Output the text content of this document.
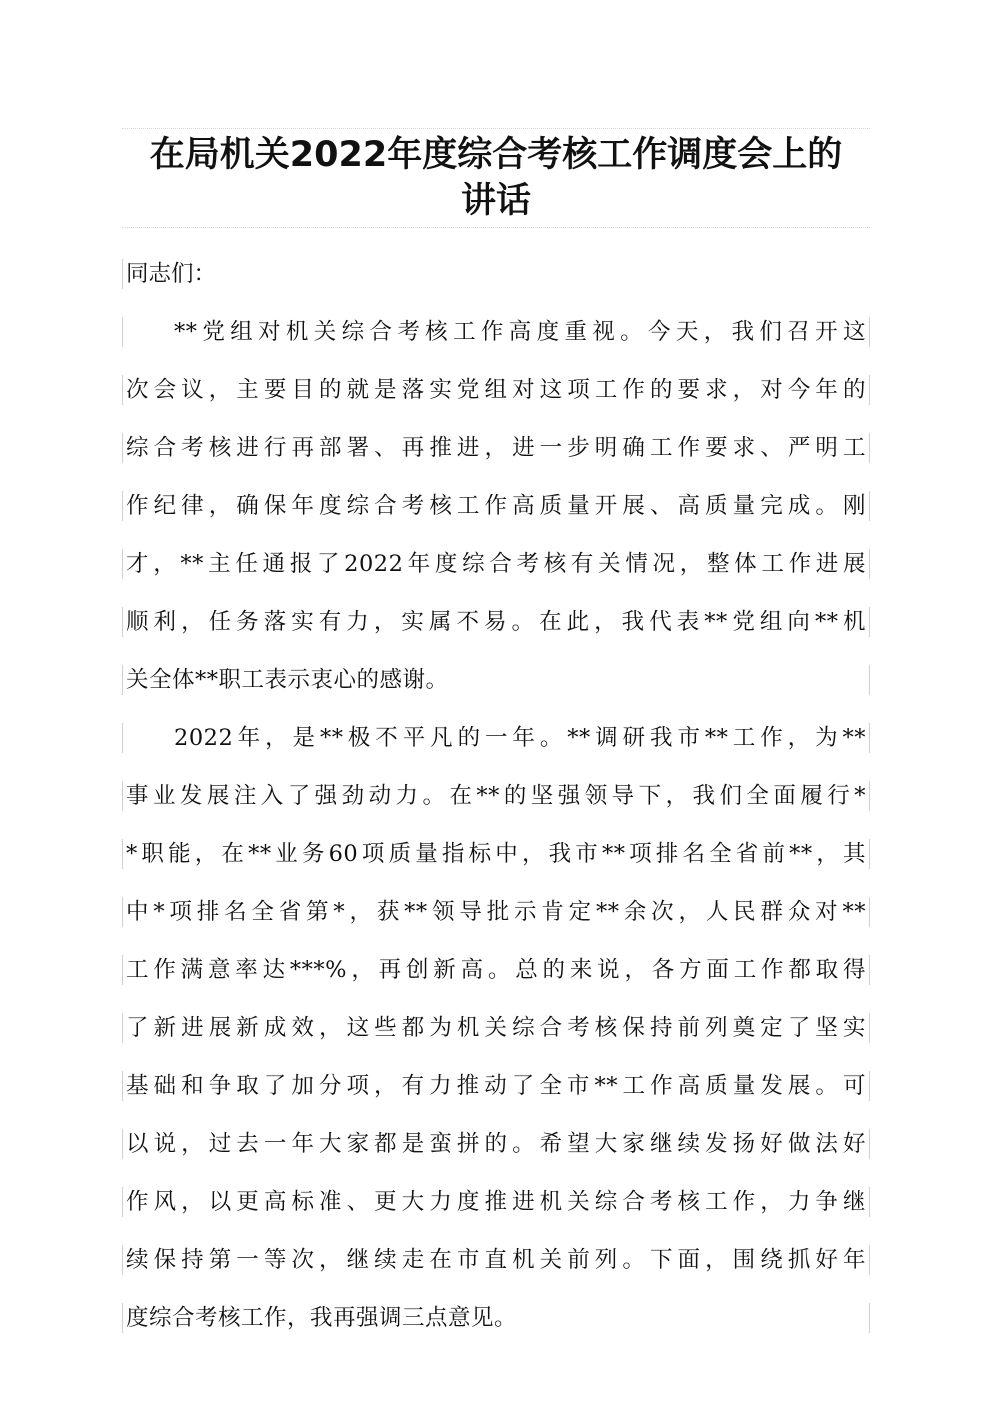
在局机关2022年度综合考核工作调度会上的
讲话
同志们：
**党组对机关综合考核工作高度重视。今天，我们召开这
次会议，主要目的就是落实党组对这项工作的要求，对今年的
综合考核进行再部署、再推进，进一步明确工作要求、严明工
作纪律，确保年度综合考核工作高质量开展、高质量完成。刚
才，**主任通报了2022年度综合考核有关情况，整体工作进展
顺利，任务落实有力，实属不易。在此，我代表**党组向**机
关全体**职工表示衷心的感谢。
2022年，是**极不平凡的一年。**调研我市**工作，为**
事业发展注入了强劲动力。在**的坚强领导下，我们全面履行*
*职能，在**业务60项质量指标中，我市**项排名全省前**，其
中*项排名全省第*，获**领导批示肯定**余次，人民群众对**
工作满意率达***%，再创新高。总的来说，各方面工作都取得
了新进展新成效，这些都为机关综合考核保持前列奠定了坚实
基础和争取了加分项，有力推动了全市**工作高质量发展。可
以说，过去一年大家都是蛮拼的。希望大家继续发扬好做法好
作风，以更高标准、更大力度推进机关综合考核工作，力争继
续保持第一等次，继续走在市直机关前列。下面，围绕抓好年
度综合考核工作，我再强调三点意见。
